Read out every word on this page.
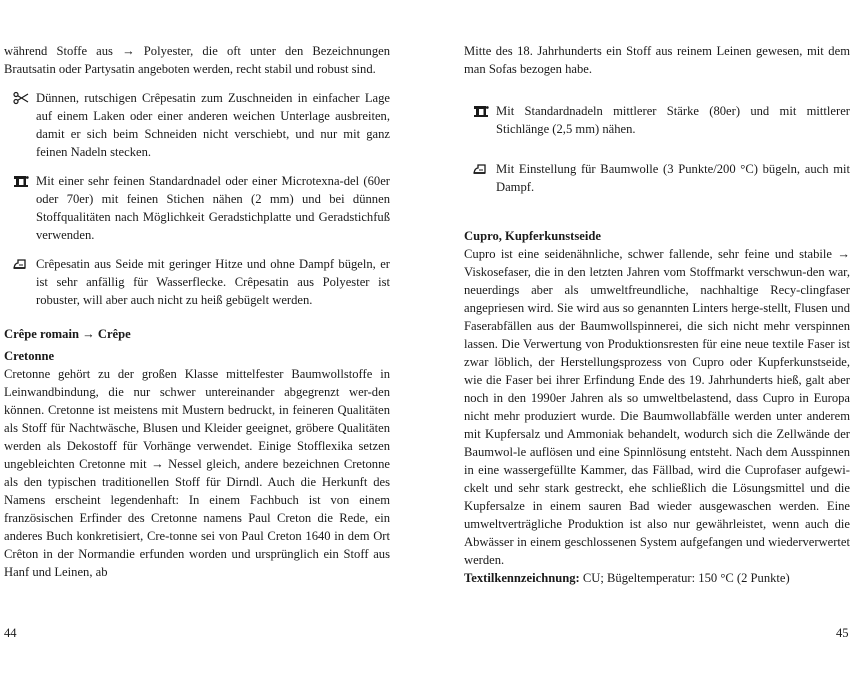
während Stoffe aus → Polyester, die oft unter den Bezeichnungen Brautsatin oder Partysatin angeboten werden, recht stabil und robust sind.

Dünnen, rutschigen Crêpesatin zum Zuschneiden in einfacher Lage auf einem Laken oder einer anderen weichen Unterlage ausbreiten, damit er sich beim Schneiden nicht verschiebt, und nur mit ganz feinen Nadeln stecken.

Mit einer sehr feinen Standardnadel oder einer Microtexna-del (60er oder 70er) mit feinen Stichen nähen (2 mm) und bei dünnen Stoffqualitäten nach Möglichkeit Geradstichplatte und Geradstichfuß verwenden.

Crêpesatin aus Seide mit geringer Hitze und ohne Dampf bügeln, er ist sehr anfällig für Wasserflecke. Crêpesatin aus Polyester ist robuster, will aber auch nicht zu heiß gebügelt werden.

Crêpe romain → Crêpe

Cretonne

Cretonne gehört zu der großen Klasse mittelfester Baumwollstoffe in Leinwandbindung, die nur schwer untereinander abgegrenzt wer-den können. Cretonne ist meistens mit Mustern bedruckt, in feineren Qualitäten als Stoff für Nachtwäsche, Blusen und Kleider geeignet, gröbere Qualitäten werden als Dekostoff für Vorhänge verwendet. Einige Stofflexika setzen ungebleichten Cretonne mit → Nessel gleich, andere bezeichnen Cretonne als den typischen traditionellen Stoff für Dirndl. Auch die Herkunft des Namens erscheint legendenhaft: In einem Fachbuch ist von einem französischen Erfinder des Cretonne namens Paul Creton die Rede, ein anderes Buch konkretisiert, Cre-tonne sei von Paul Creton 1640 in dem Ort Crêton in der Normandie erfunden worden und ursprünglich ein Stoff aus Hanf und Leinen, ab

Mitte des 18. Jahrhunderts ein Stoff aus reinem Leinen gewesen, mit dem man Sofas bezogen habe.

Mit Standardnadeln mittlerer Stärke (80er) und mit mittlerer Stichlänge (2,5 mm) nähen.

Mit Einstellung für Baumwolle (3 Punkte/200 °C) bügeln, auch mit Dampf.

Cupro, Kupferkunstseide

Cupro ist eine seidenähnliche, schwer fallende, sehr feine und stabile → Viskosefaser, die in den letzten Jahren vom Stoffmarkt verschwun-den war, neuerdings aber als umweltfreundliche, nachhaltige Recy-clingfaser angepriesen wird. Sie wird aus so genannten Linters herge-stellt, Flusen und Faserabfällen aus der Baumwollspinnerei, die sich nicht mehr verspinnen lassen. Die Verwertung von Produktionsresten für eine neue textile Faser ist zwar löblich, der Herstellungsprozess von Cupro oder Kupferkunstseide, wie die Faser bei ihrer Erfindung Ende des 19. Jahrhunderts hieß, galt aber noch in den 1990er Jahren als so umweltbelastend, dass Cupro in Europa nicht mehr produziert wurde. Die Baumwollabfälle werden unter anderem mit Kupfersalz und Ammoniak behandelt, wodurch sich die Zellwände der Baumwol-le auflösen und eine Spinnlösung entsteht. Nach dem Ausspinnen in eine wassergefüllte Kammer, das Fällbad, wird die Cuprofaser aufgewi-ckelt und sehr stark gestreckt, ehe schließlich die Lösungsmittel und die Kupfersalze in einem sauren Bad wieder ausgewaschen werden. Eine umweltverträgliche Produktion ist also nur gewährleistet, wenn auch die Abwässer in einem geschlossenen System aufgefangen und wiederverwertet werden.

Textilkennzeichnung: CU; Bügeltemperatur: 150 °C (2 Punkte)

44	45
